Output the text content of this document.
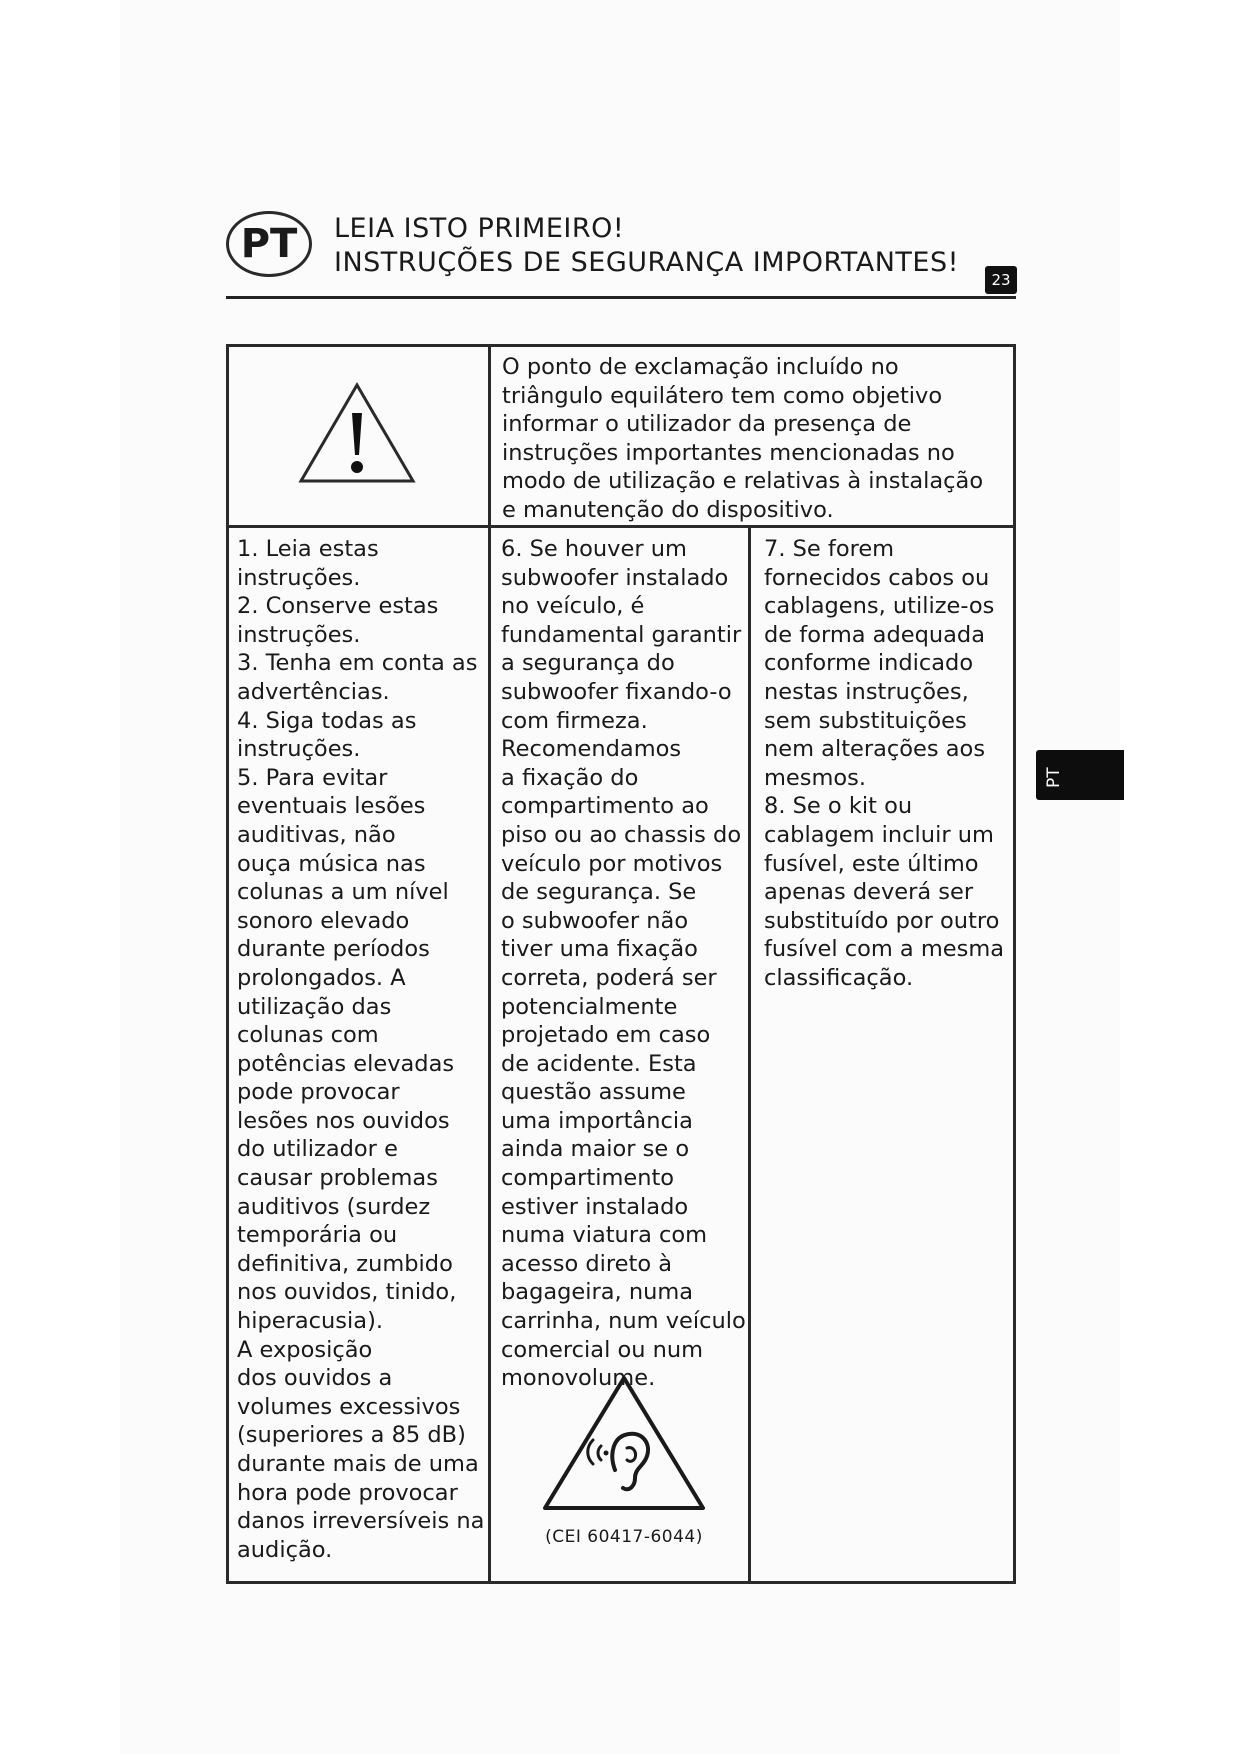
PT	LEIA ISTO PRIMEIRO!
INSTRUÇÕES DE SEGURANÇA IMPORTANTES!
23
PT
O ponto de exclamação incluído no
triângulo equilátero tem como objetivo
informar o utilizador da presença de
instruções importantes mencionadas no
modo de utilização e relativas à instalação
e manutenção do dispositivo.
1. Leia estas
instruções.
2. Conserve estas
instruções.
3. Tenha em conta as
advertências.
4. Siga todas as
instruções.
5. Para evitar
eventuais lesões
auditivas, não
ouça música nas
colunas a um nível
sonoro elevado
durante períodos
prolongados. A
utilização das
colunas com
potências elevadas
pode provocar
lesões nos ouvidos
do utilizador e
causar problemas
auditivos (surdez
temporária ou
definitiva, zumbido
nos ouvidos, tinido,
hiperacusia).
A exposição
dos ouvidos a
volumes excessivos
(superiores a 85 dB)
durante mais de uma
hora pode provocar
danos irreversíveis na
audição.
6. Se houver um
subwoofer instalado
no veículo, é
fundamental garantir
a segurança do
subwoofer fixando-o
com firmeza.
Recomendamos
a fixação do
compartimento ao
piso ou ao chassis do
veículo por motivos
de segurança. Se
o subwoofer não
tiver uma fixação
correta, poderá ser
potencialmente
projetado em caso
de acidente. Esta
questão assume
uma importância
ainda maior se o
compartimento
estiver instalado
numa viatura com
acesso direto à
bagageira, numa
carrinha, num veículo
comercial ou num
monovolume.
7. Se forem
fornecidos cabos ou
cablagens, utilize-os
de forma adequada
conforme indicado
nestas instruções,
sem substituições
nem alterações aos
mesmos.
8. Se o kit ou
cablagem incluir um
fusível, este último
apenas deverá ser
substituído por outro
fusível com a mesma
classificação.
(CEI 60417-6044)
